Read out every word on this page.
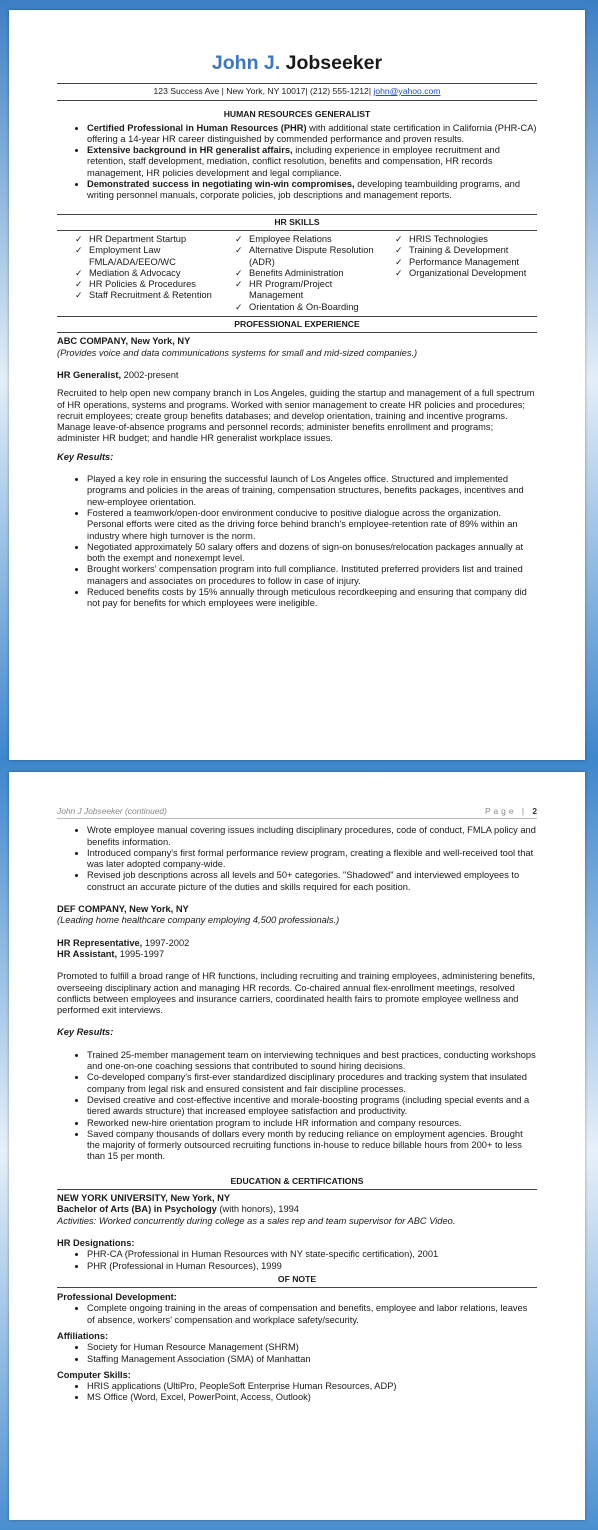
John J. Jobseeker
123 Success Ave | New York, NY 10017| (212) 555-1212| john@yahoo.com
HUMAN RESOURCES GENERALIST
• Certified Professional in Human Resources (PHR) with additional state certification in California (PHR-CA) offering a 14-year HR career distinguished by commended performance and proven results.
• Extensive background in HR generalist affairs, including experience in employee recruitment and retention, staff development, mediation, conflict resolution, benefits and compensation, HR records management, HR policies development and legal compliance.
• Demonstrated success in negotiating win-win compromises, developing teambuilding programs, and writing personnel manuals, corporate policies, job descriptions and management reports.
HR SKILLS
✓ HR Department Startup
✓ Employment Law FMLA/ADA/EEO/WC
✓ Mediation & Advocacy
✓ HR Policies & Procedures
✓ Staff Recruitment & Retention
✓ Employee Relations
✓ Alternative Dispute Resolution (ADR)
✓ Benefits Administration
✓ HR Program/Project Management
✓ Orientation & On-Boarding
✓ HRIS Technologies
✓ Training & Development
✓ Performance Management
✓ Organizational Development
PROFESSIONAL EXPERIENCE
ABC COMPANY, New York, NY
(Provides voice and data communications systems for small and mid-sized companies.)
HR Generalist, 2002-present
Recruited to help open new company branch in Los Angeles, guiding the startup and management of a full spectrum of HR operations, systems and programs. Worked with senior management to create HR policies and procedures; recruit employees; create group benefits databases; and develop orientation, training and incentive programs. Manage leave-of-absence programs and personnel records; administer benefits enrollment and programs; administer HR budget; and handle HR generalist workplace issues.
Key Results:
• Played a key role in ensuring the successful launch of Los Angeles office. Structured and implemented programs and policies in the areas of training, compensation structures, benefits packages, incentives and new-employee orientation.
• Fostered a teamwork/open-door environment conducive to positive dialogue across the organization. Personal efforts were cited as the driving force behind branch's employee-retention rate of 89% within an industry where high turnover is the norm.
• Negotiated approximately 50 salary offers and dozens of sign-on bonuses/relocation packages annually at both the exempt and nonexempt level.
• Brought workers' compensation program into full compliance. Instituted preferred providers list and trained managers and associates on procedures to follow in case of injury.
• Reduced benefits costs by 15% annually through meticulous recordkeeping and ensuring that company did not pay for benefits for which employees were ineligible.
John J Jobseeker (continued)	Page | 2
• Wrote employee manual covering issues including disciplinary procedures, code of conduct, FMLA policy and benefits information.
• Introduced company's first formal performance review program, creating a flexible and well-received tool that was later adopted company-wide.
• Revised job descriptions across all levels and 50+ categories. "Shadowed" and interviewed employees to construct an accurate picture of the duties and skills required for each position.
DEF COMPANY, New York, NY
(Leading home healthcare company employing 4,500 professionals.)
HR Representative, 1997-2002
HR Assistant, 1995-1997
Promoted to fulfill a broad range of HR functions, including recruiting and training employees, administering benefits, overseeing disciplinary action and managing HR records. Co-chaired annual flex-enrollment meetings, resolved conflicts between employees and insurance carriers, coordinated health fairs to promote employee wellness and performed exit interviews.
Key Results:
• Trained 25-member management team on interviewing techniques and best practices, conducting workshops and one-on-one coaching sessions that contributed to sound hiring decisions.
• Co-developed company's first-ever standardized disciplinary procedures and tracking system that insulated company from legal risk and ensured consistent and fair discipline processes.
• Devised creative and cost-effective incentive and morale-boosting programs (including special events and a tiered awards structure) that increased employee satisfaction and productivity.
• Reworked new-hire orientation program to include HR information and company resources.
• Saved company thousands of dollars every month by reducing reliance on employment agencies. Brought the majority of formerly outsourced recruiting functions in-house to reduce billable hours from 200+ to less than 15 per month.
EDUCATION & CERTIFICATIONS
NEW YORK UNIVERSITY, New York, NY
Bachelor of Arts (BA) in Psychology (with honors), 1994
Activities: Worked concurrently during college as a sales rep and team supervisor for ABC Video.
HR Designations:
• PHR-CA (Professional in Human Resources with NY state-specific certification), 2001
• PHR (Professional in Human Resources), 1999
OF NOTE
Professional Development:
• Complete ongoing training in the areas of compensation and benefits, employee and labor relations, leaves of absence, workers' compensation and workplace safety/security.
Affiliations:
• Society for Human Resource Management (SHRM)
• Staffing Management Association (SMA) of Manhattan
Computer Skills:
• HRIS applications (UltiPro, PeopleSoft Enterprise Human Resources, ADP)
• MS Office (Word, Excel, PowerPoint, Access, Outlook)
